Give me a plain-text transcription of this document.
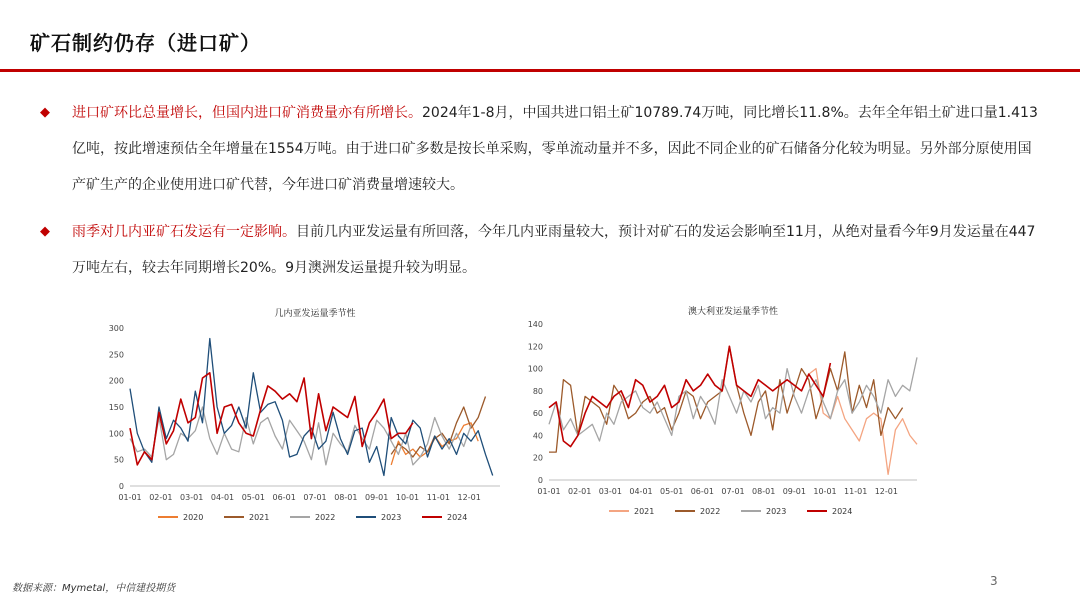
矿石制约仍存（进口矿）
◆ 进口矿环比总量增长，但国内进口矿消费量亦有所增长。2024年1-8月，中国共进口铝土矿10789.74万吨，同比增长11.8%。去年全年铝土矿进口量1.413亿吨，按此增速预估全年增量在1554万吨。由于进口矿多数是按长单采购，零单流动量并不多，因此不同企业的矿石储备分化较为明显。另外部分原使用国产矿生产的企业使用进口矿代替，今年进口矿消费量增速较大。
◆ 雨季对几内亚矿石发运有一定影响。目前几内亚发运量有所回落，今年几内亚雨量较大，预计对矿石的发运会影响至11月，从绝对量看今年9月发运量在447万吨左右，较去年同期增长20%。9月澳洲发运量提升较为明显。
几内亚发运量季节性
0
50
100
150
200
250
300
01-01 02-01 03-01 04-01 05-01 06-01 07-01 08-01 09-01 10-01 11-01 12-01
2020	2021	2022	2023	2024
澳大利亚发运量季节性
0
20
40
60
80
100
120
140
01-01 02-01 03-01 04-01 05-01 06-01 07-01 08-01 09-01 10-01 11-01 12-01
2021	2022	2023	2024
数据来源：Mymetal，中信建投期货
3
